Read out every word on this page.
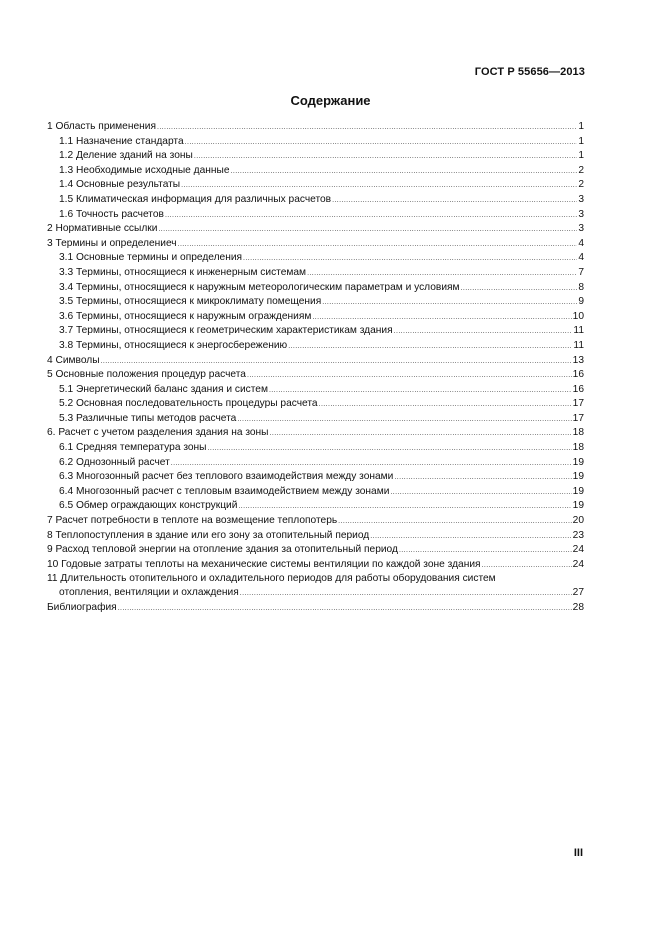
ГОСТ Р 55656—2013
Содержание
1 Область применения .....	1
1.1 Назначение стандарта .....	1
1.2 Деление зданий на зоны .....	1
1.3 Необходимые исходные данные .....	2
1.4 Основные результаты .....	2
1.5 Климатическая информация для различных расчетов .....	3
1.6 Точность расчетов .....	3
2 Нормативные ссылки .....	3
3 Термины и определениеч .....	4
3.1 Основные термины и определения .....	4
3.3 Термины, относящиеся к инженерным системам .....	7
3.4 Термины, относящиеся к наружным метеорологическим параметрам и условиям .....	8
3.5 Термины, относящиеся к микроклимату помещения .....	9
3.6 Термины, относящиеся к наружным ограждениям .....	10
3.7 Термины, относящиеся к геометрическим характеристикам здания .....	11
3.8 Термины, относящиеся к энергосбережению .....	11
4 Символы .....	13
5 Основные положения процедур расчета .....	16
5.1 Энергетический баланс здания и систем .....	16
5.2 Основная последовательность процедуры расчета .....	17
5.3 Различные типы методов расчета .....	17
6. Расчет с учетом разделения здания на зоны .....	18
6.1 Средняя температура зоны .....	18
6.2 Однозонный расчет .....	19
6.3 Многозонный расчет без теплового взаимодействия между зонами .....	19
6.4 Многозонный расчет с тепловым взаимодействием между зонами .....	19
6.5 Обмер ограждающих конструкций .....	19
7 Расчет потребности в теплоте на возмещение теплопотерь .....	20
8 Теплопоступления в здание или его зону за отопительный период .....	23
9 Расход тепловой энергии на отопление здания за отопительный период .....	24
10 Годовые затраты теплоты на механические системы вентиляции по каждой зоне здания .....	24
11 Длительность отопительного и охладительного периодов для работы оборудования систем
отопления, вентиляции и охлаждения .....	27
Библиография .....	28
III
